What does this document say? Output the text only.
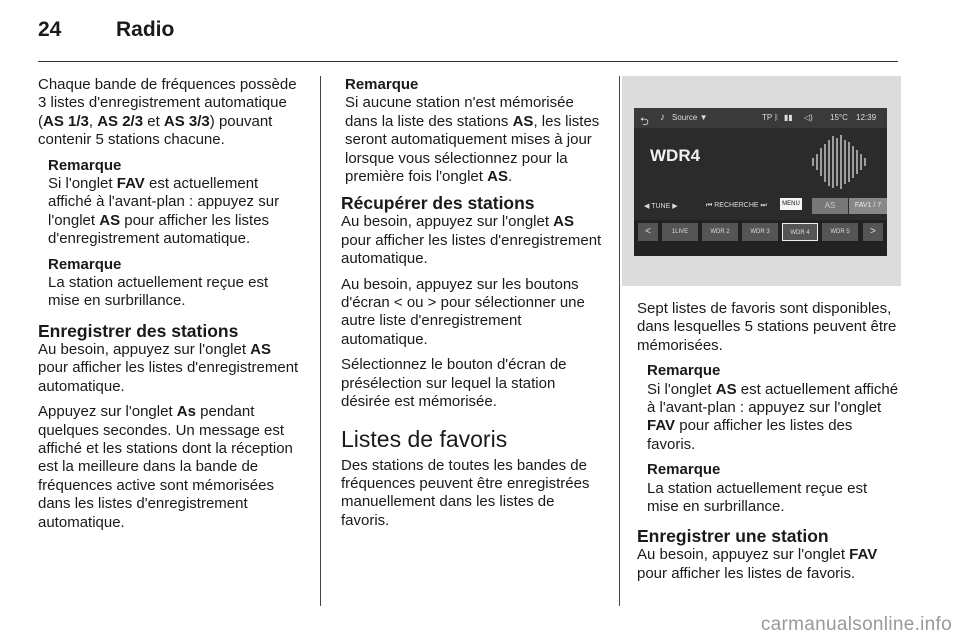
24	Radio

Chaque bande de fréquences possède 3 listes d'enregistrement automatique (AS 1/3, AS 2/3 et AS 3/3) pouvant contenir 5 stations chacune.

Remarque
Si l'onglet FAV est actuellement affiché à l'avant-plan : appuyez sur l'onglet AS pour afficher les listes d'enregistrement automatique.
Remarque
La station actuellement reçue est mise en surbrillance.
Enregistrer des stations

Au besoin, appuyez sur l'onglet AS pour afficher les listes d'enregistrement automatique.

Appuyez sur l'onglet As pendant quelques secondes. Un message est affiché et les stations dont la réception est la meilleure dans la bande de fréquences active sont mémorisées dans les listes d'enregistrement automatique.

Remarque
Si aucune station n'est mémorisée dans la liste des stations AS, les listes seront automatiquement mises à jour lorsque vous sélectionnez pour la première fois l'onglet AS.
Récupérer des stations

Au besoin, appuyez sur l'onglet AS pour afficher les listes d'enregistrement automatique.

Au besoin, appuyez sur les boutons d'écran < ou > pour sélectionner une autre liste d'enregistrement automatique.

Sélectionnez le bouton d'écran de présélection sur lequel la station désirée est mémorisée.

Listes de favoris

Des stations de toutes les bandes de fréquences peuvent être enregistrées manuellement dans les listes de favoris.

⮌ ♪ Source ▼	TP ᛒ ▮▮ ◁) 15°C 12:39
WDR4
◀ TUNE ▶	⏮ RECHERCHE ⏭	MENU	AS	FAV1 / 7
<	1LIVE	WDR 2	WDR 3	WDR 4	WDR 5	>

Sept listes de favoris sont disponibles, dans lesquelles 5 stations peuvent être mémorisées.

Remarque
Si l'onglet AS est actuellement affiché à l'avant-plan : appuyez sur l'onglet FAV pour afficher les listes des favoris.
Remarque
La station actuellement reçue est mise en surbrillance.
Enregistrer une station

Au besoin, appuyez sur l'onglet FAV pour afficher les listes de favoris.

carmanualsonline.info
